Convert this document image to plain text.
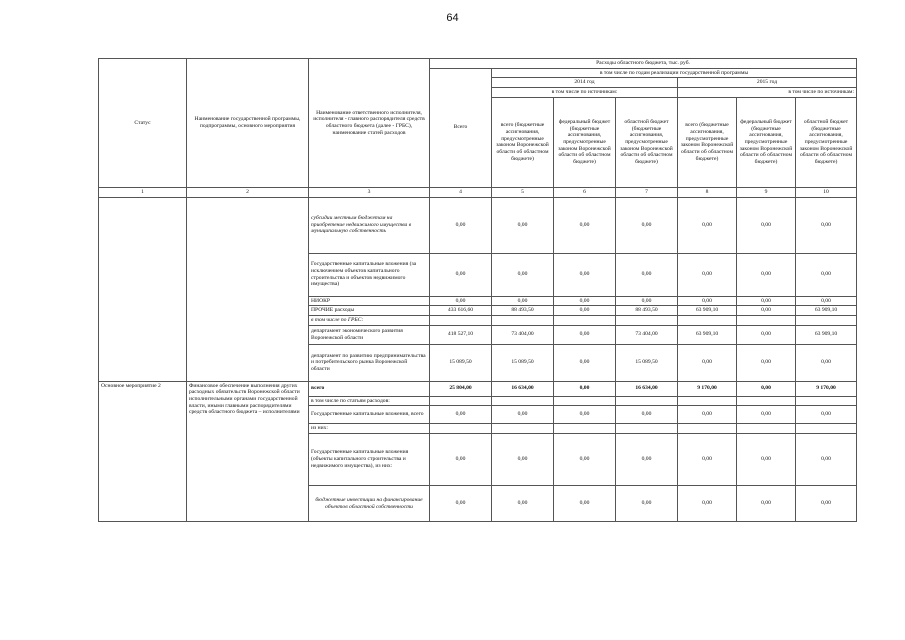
64
Статус	Наименование государственной программы, подпрограммы, основного мероприятия	Наименование ответственного исполнителя, исполнителя - главного распорядителя средств областного бюджета (далее - ГРБС), наименование статей расходов	Расходы областного бюджета, тыс. руб.						
			Всего	в том числе по годам реализации государственной программы					
				2014 год			2015 год		
				в том числе по источникам:			в том числе по источникам:		
				всего (бюджетные ассигнования, предусмотренные законом Воронежской области об областном бюджете)	федеральный бюджет (бюджетные ассигнования, предусмотренные законом Воронежской области об областном бюджете)	областной бюджет (бюджетные ассигнования, предусмотренные законом Воронежской области об областном бюджете)	всего (бюджетные ассигнования, предусмотренные законом Воронежской области об областном бюджете)	федеральный бюджет (бюджетные ассигнования, предусмотренные законом Воронежской области об областном бюджете)	областной бюджет (бюджетные ассигнования, предусмотренные законом Воронежской области об областном бюджете)
1	2	3	4	5	6	7	8	9	10
		субсидии местным бюджетам на приобретение недвижимого имущества в муниципальную собственность	0,00	0,00	0,00	0,00	0,00	0,00	0,00
		Государственные капитальные вложения (за исключением объектов капитального строительства и объектов недвижимого имущества)	0,00	0,00	0,00	0,00	0,00	0,00	0,00
		НИОКР	0,00	0,00	0,00	0,00	0,00	0,00	0,00
		ПРОЧИЕ расходы	433 616,60	88 493,50	0,00	88 493,50	63 909,10	0,00	63 909,10
		в том числе по ГРБС:							
		департамент экономического развития Воронежской области	418 527,10	73 404,00	0,00	73 404,00	63 909,10	0,00	63 909,10
		департамент по развитию предпринимательства и потребительского рынка Воронежской области	15 089,50	15 089,50	0,00	15 089,50	0,00	0,00	0,00
Основное мероприятие 2	Финансовое обеспечение выполнения других расходных обязательств Воронежской области исполнительными органами государственной власти, иными главными распорядителями средств областного бюджета – исполнителями	всего	25 804,00	16 634,00	0,00	16 634,00	9 170,00	0,00	9 170,00
		в том числе по статьям расходов:							
		Государственные капитальные вложения, всего	0,00	0,00	0,00	0,00	0,00	0,00	0,00
		из них:							
		Государственные капитальные вложения (объекты капитального строительства и недвижимого имущества), из них:	0,00	0,00	0,00	0,00	0,00	0,00	0,00
		бюджетные инвестиции на финансирование объектов областной собственности	0,00	0,00	0,00	0,00	0,00	0,00	0,00
